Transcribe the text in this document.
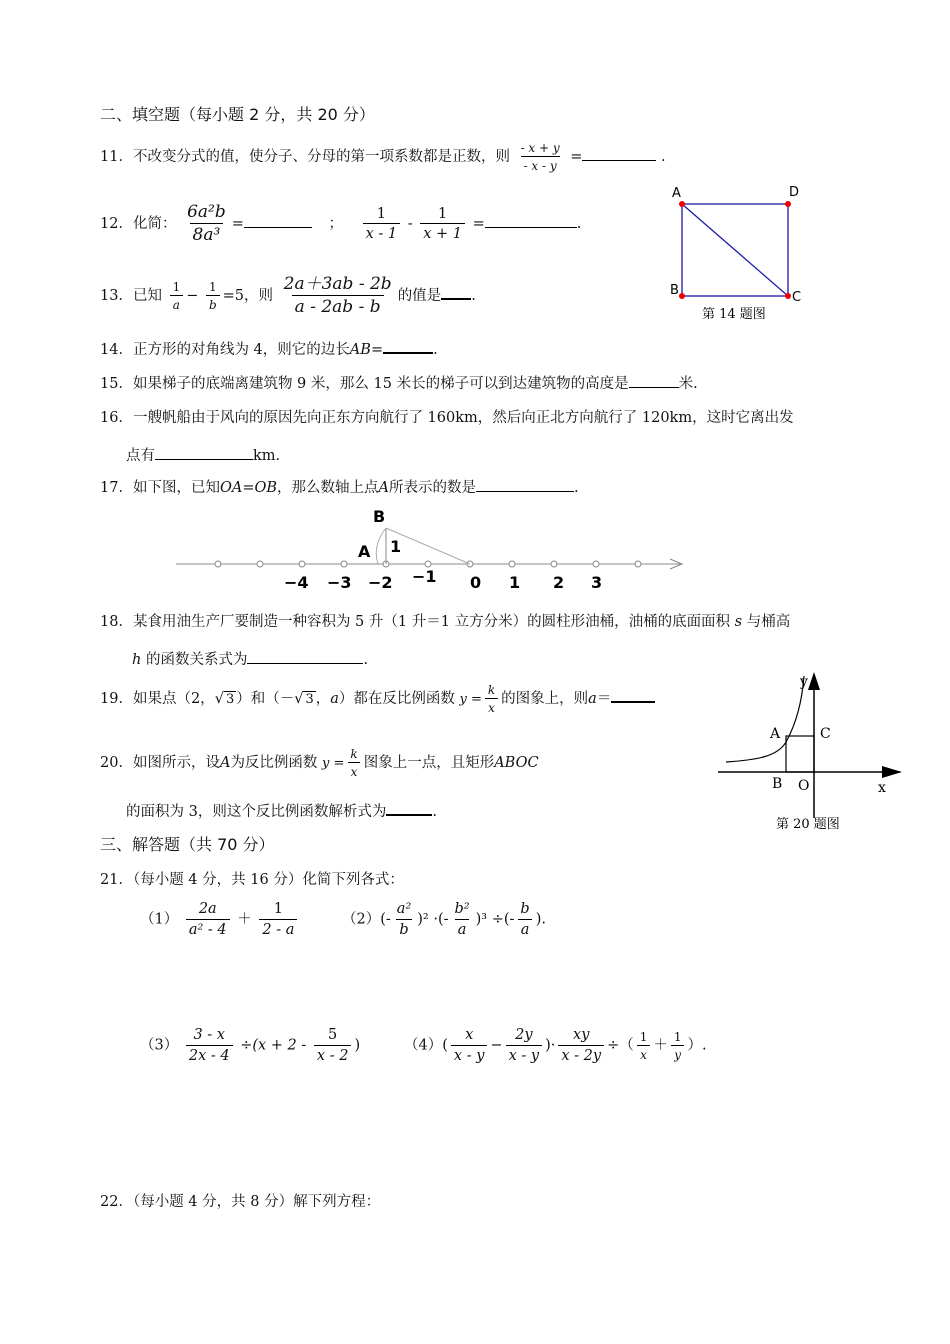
二、填空题（每小题 2 分，共 20 分）
11．不改变分式的值，使分子、分母的第一项系数都是正数，则 $\frac{- x + y}{- x - y}$ =	.
12．化简： $\frac{\text{6a²b}}{\text{8a³}}$ =	； $\frac{1}{x - 1} - \frac{1}{x + 1}$ =	.
13．已知 $\frac{1}{a} - \frac{1}{b} =5$，则 $\frac{2a+3ab - 2b}{a - 2ab - b}$ 的值是 .
14．正方形的对角线为 4，则它的边长AB=	.
15．如果梯子的底端离建筑物 9 米，那么 15 米长的梯子可以到达建筑物的高度是	米.
16．一艘帆船由于风向的原因先向正东方向航行了 160km，然后向正北方向航行了 120km，这时它离出发
点有	km.
17．如下图，已知OA=OB，那么数轴上点A所表示的数是	.
B
A 1
−4 −3 −2 −1 0 1 2 3
18．某食用油生产厂要制造一种容积为 5 升（1 升＝1 立方分米）的圆柱形油桶，油桶的底面面积 s 与桶高
h 的函数关系式为	.
19．如果点（2，√ 3 ）和（－√ 3 ，a）都在反比例函数 $y = \frac{k}{x}$ 的图象上，则a＝
20．如图所示，设A为反比例函数 $y = \frac{k}{x}$ 图象上一点，且矩形ABOC
的面积为 3，则这个反比例函数解析式为	.
A	D
B	C
第 14 题图
y
A	C
B O	x
第 20 题图
三、解答题（共 70 分）
21．（每小题 4 分，共 16 分）化简下列各式：
$(1) \frac{2a}{\text{a² - 4}} + \frac{1}{2 - a}$	$(2)(- \frac{\text{a²}}{b} )^2$ ·(- $\frac{\text{b²}}{a} )^3$ ÷(- $\frac{b}{a}$ ).
$(3) \frac{3 - x}{2x - 4} \div(x + 2 - \frac{5}{x - 2}$ )	$(4)( \frac{x}{x - y} - \frac{2y}{x - y}$ )· $\frac{xy}{x - 2y}$ ÷（ $\frac{1}{x} + \frac{1}{y}$ ）.
22．（每小题 4 分，共 8 分）解下列方程：
